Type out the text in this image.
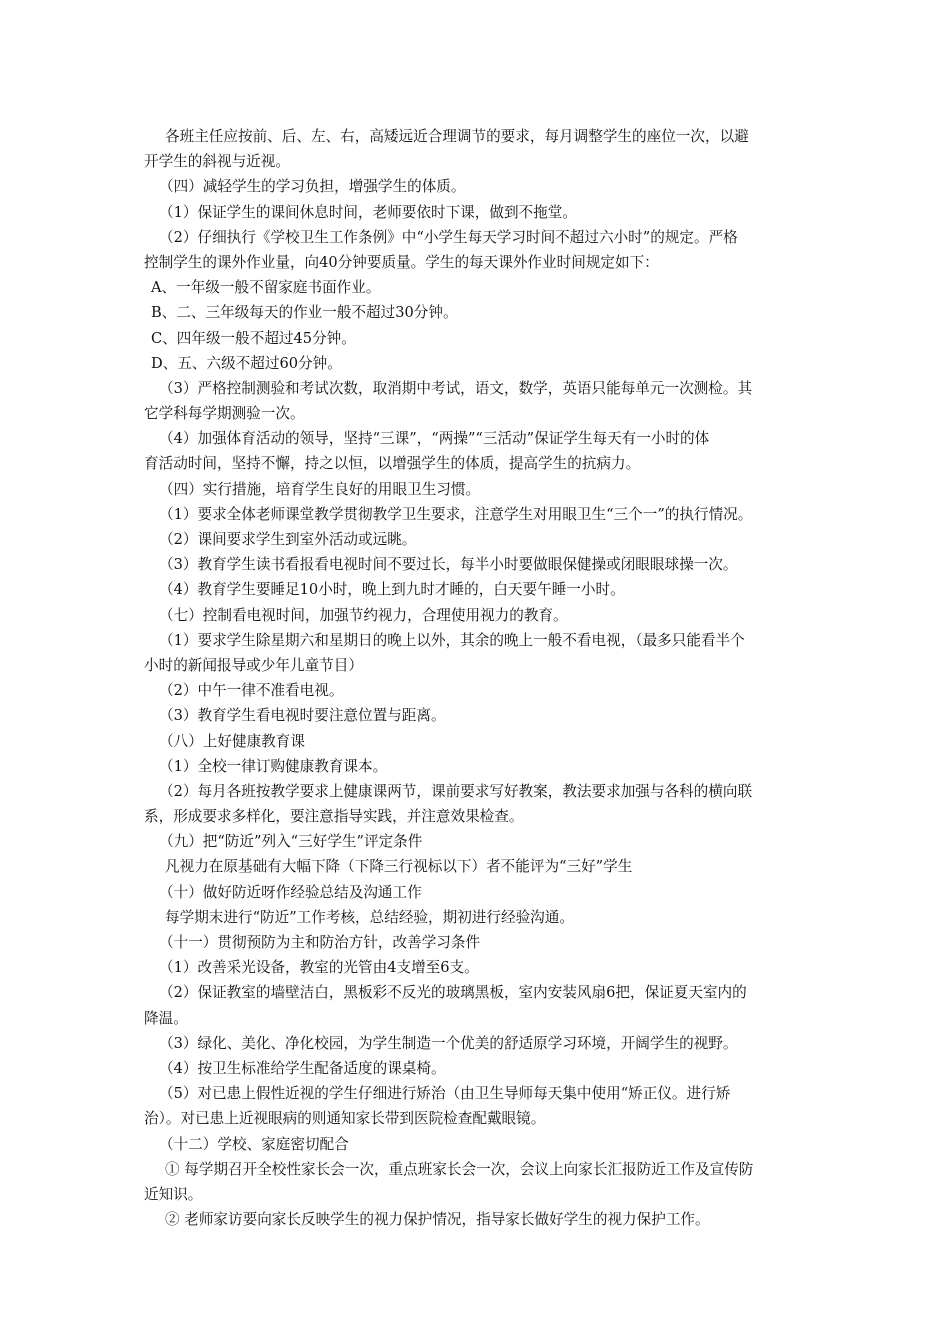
各班主任应按前、后、左、右，高矮远近合理调节的要求，每月调整学生的座位一次，以避
开学生的斜视与近视。
（四）减轻学生的学习负担，增强学生的体质。
（1）保证学生的课间休息时间，老师要依时下课，做到不拖堂。
（2）仔细执行《学校卫生工作条例》中“小学生每天学习时间不超过六小时”的规定。严格
控制学生的课外作业量，向40分钟要质量。学生的每天课外作业时间规定如下：
A、一年级一般不留家庭书面作业。
B、二、三年级每天的作业一般不超过30分钟。
C、四年级一般不超过45分钟。
D、五、六级不超过60分钟。
（3）严格控制测验和考试次数，取消期中考试，语文，数学，英语只能每单元一次测检。其
它学科每学期测验一次。
（4）加强体育活动的领导，坚持“三课”，“两操”“三活动”保证学生每天有一小时的体
育活动时间，坚持不懈，持之以恒，以增强学生的体质，提高学生的抗病力。
（四）实行措施，培育学生良好的用眼卫生习惯。
（1）要求全体老师课堂教学贯彻教学卫生要求，注意学生对用眼卫生“三个一”的执行情况。
（2）课间要求学生到室外活动或远眺。
（3）教育学生读书看报看电视时间不要过长，每半小时要做眼保健操或闭眼眼球操一次。
（4）教育学生要睡足10小时，晚上到九时才睡的，白天要午睡一小时。
（七）控制看电视时间，加强节约视力，合理使用视力的教育。
（1）要求学生除星期六和星期日的晚上以外，其余的晚上一般不看电视，（最多只能看半个
小时的新闻报导或少年儿童节目）
（2）中午一律不准看电视。
（3）教育学生看电视时要注意位置与距离。
（八）上好健康教育课
（1）全校一律订购健康教育课本。
（2）每月各班按教学要求上健康课两节，课前要求写好教案，教法要求加强与各科的横向联
系，形成要求多样化，要注意指导实践，并注意效果检查。
（九）把“防近”列入“三好学生”评定条件
凡视力在原基础有大幅下降（下降三行视标以下）者不能评为“三好”学生
（十）做好防近呀作经验总结及沟通工作
每学期末进行“防近”工作考核，总结经验，期初进行经验沟通。
（十一）贯彻预防为主和防治方针，改善学习条件
（1）改善采光设备，教室的光管由4支增至6支。
（2）保证教室的墙壁洁白，黑板彩不反光的玻璃黑板，室内安装风扇6把，保证夏天室内的
降温。
（3）绿化、美化、净化校园，为学生制造一个优美的舒适原学习环境，开阔学生的视野。
（4）按卫生标准给学生配备适度的课桌椅。
（5）对已患上假性近视的学生仔细进行矫治（由卫生导师每天集中使用“矫正仪。进行矫
治）。对已患上近视眼病的则通知家长带到医院检查配戴眼镜。
（十二）学校、家庭密切配合
① 每学期召开全校性家长会一次，重点班家长会一次，会议上向家长汇报防近工作及宣传防
近知识。
② 老师家访要向家长反映学生的视力保护情况，指导家长做好学生的视力保护工作。
